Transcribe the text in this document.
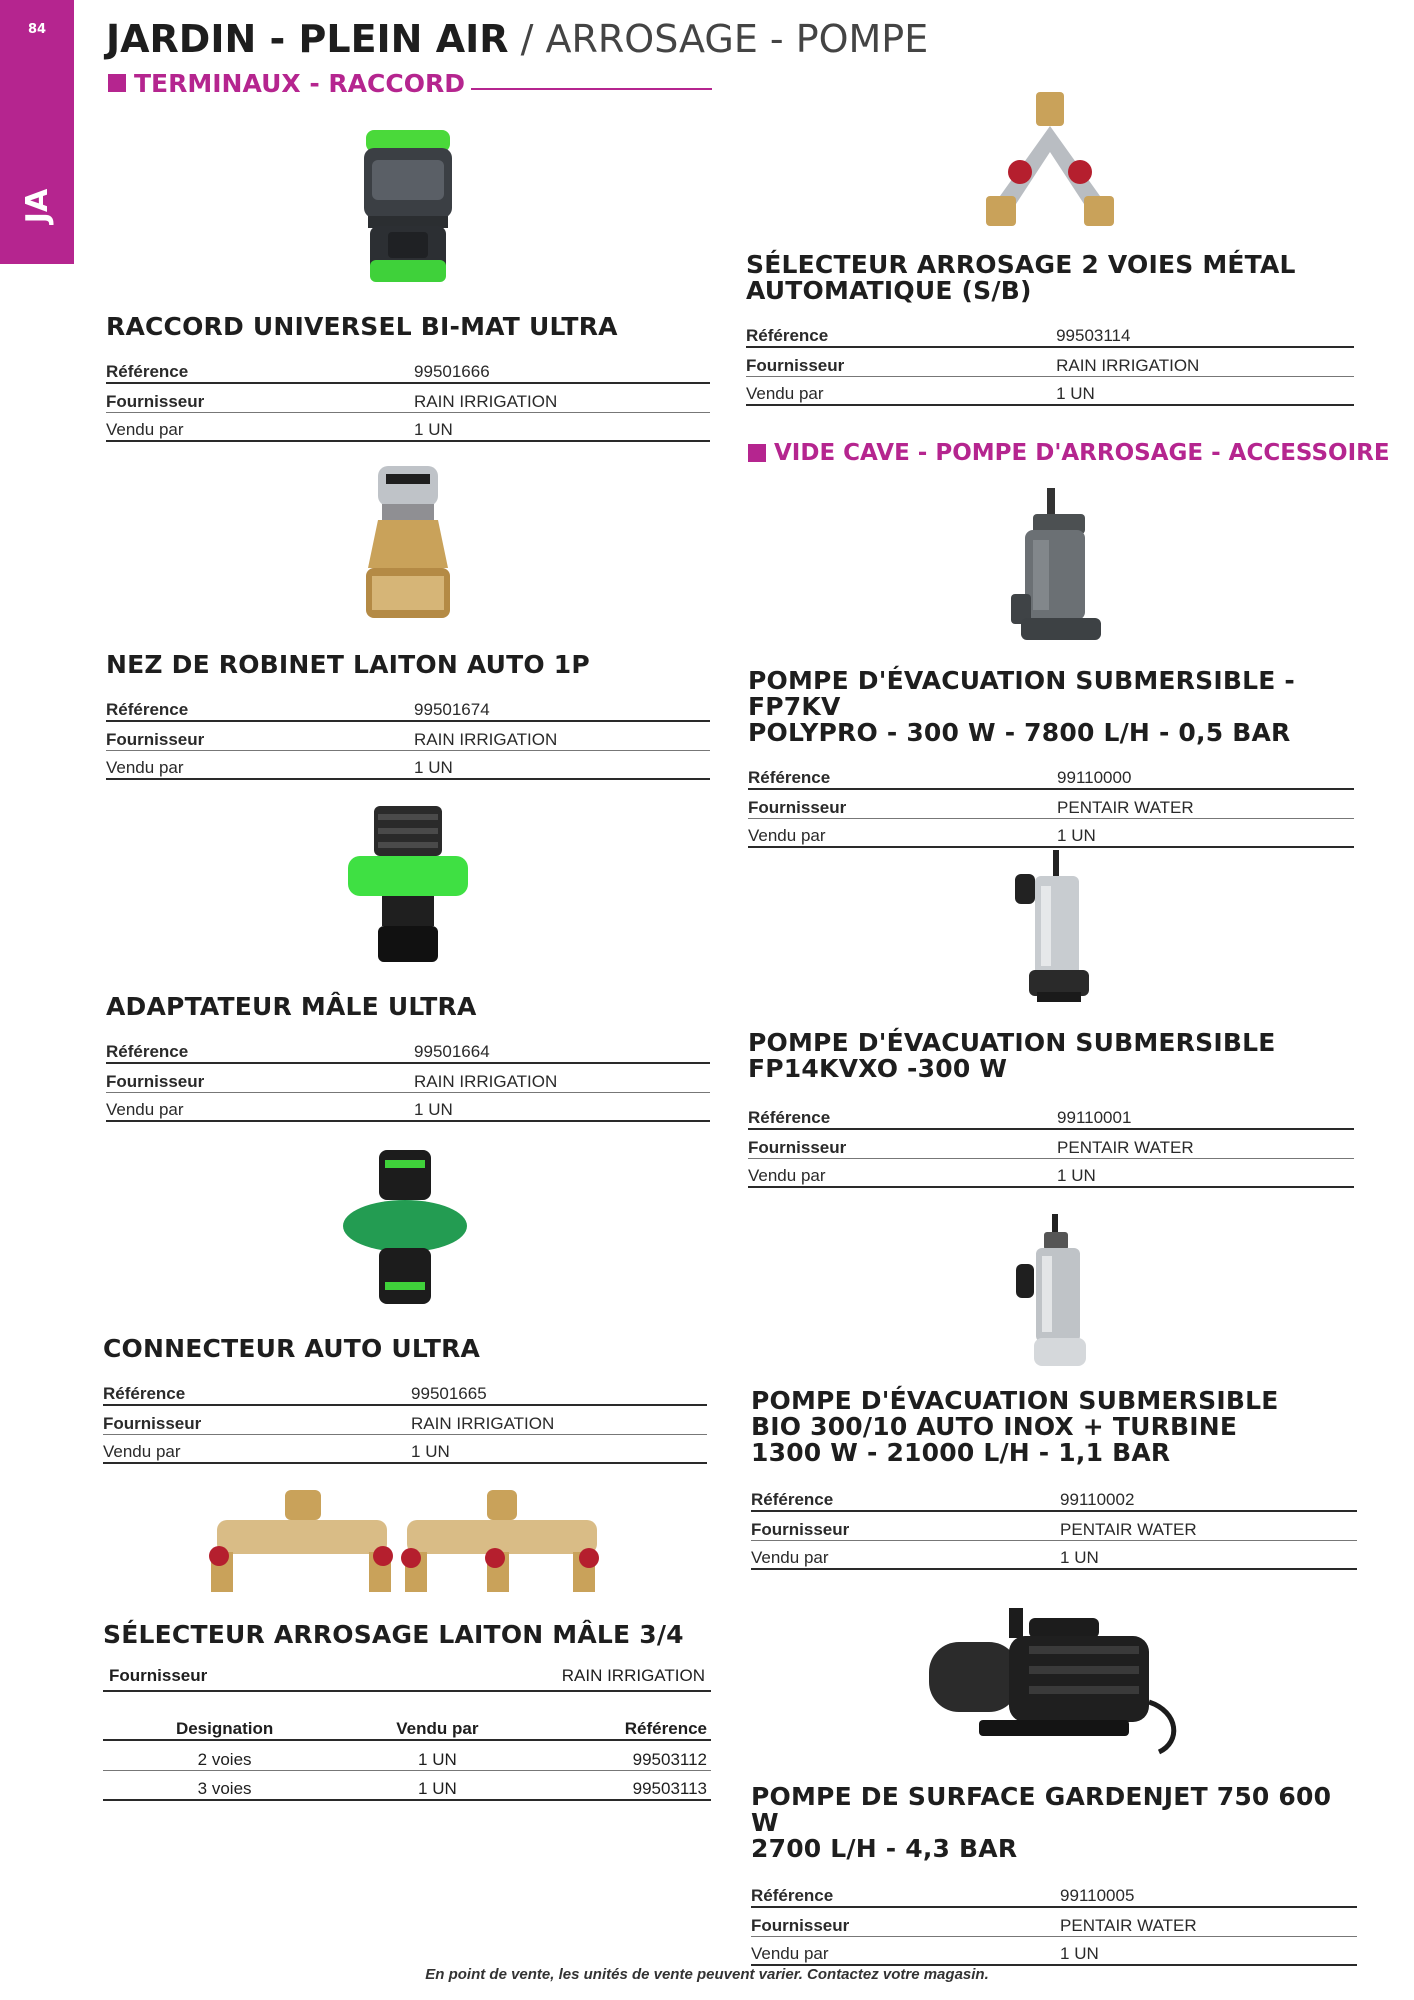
84
JA
JARDIN - PLEIN AIR / ARROSAGE - POMPE
TERMINAUX - RACCORD
RACCORD UNIVERSEL BI-MAT ULTRA
Référence	99501666
Fournisseur	RAIN IRRIGATION
Vendu par	1 UN
NEZ DE ROBINET LAITON AUTO 1P
Référence	99501674
Fournisseur	RAIN IRRIGATION
Vendu par	1 UN
ADAPTATEUR MÂLE ULTRA
Référence	99501664
Fournisseur	RAIN IRRIGATION
Vendu par	1 UN
CONNECTEUR AUTO ULTRA
Référence	99501665
Fournisseur	RAIN IRRIGATION
Vendu par	1 UN
SÉLECTEUR ARROSAGE LAITON MÂLE 3/4
Fournisseur	RAIN IRRIGATION
Designation	Vendu par	Référence
2 voies	1 UN	99503112
3 voies	1 UN	99503113
SÉLECTEUR ARROSAGE 2 VOIES MÉTAL
AUTOMATIQUE (S/B)
Référence	99503114
Fournisseur	RAIN IRRIGATION
Vendu par	1 UN
VIDE CAVE - POMPE D'ARROSAGE - ACCESSOIRE
POMPE D'ÉVACUATION SUBMERSIBLE - FP7KV
POLYPRO - 300 W - 7800 L/H - 0,5 BAR
Référence	99110000
Fournisseur	PENTAIR WATER
Vendu par	1 UN
POMPE D'ÉVACUATION SUBMERSIBLE
FP14KVXO -300 W
Référence	99110001
Fournisseur	PENTAIR WATER
Vendu par	1 UN
POMPE D'ÉVACUATION SUBMERSIBLE
BIO 300/10 AUTO INOX + TURBINE
1300 W - 21000 L/H - 1,1 BAR
Référence	99110002
Fournisseur	PENTAIR WATER
Vendu par	1 UN
POMPE DE SURFACE GARDENJET 750 600 W
2700 L/H - 4,3 BAR
Référence	99110005
Fournisseur	PENTAIR WATER
Vendu par	1 UN
En point de vente, les unités de vente peuvent varier. Contactez votre magasin.
